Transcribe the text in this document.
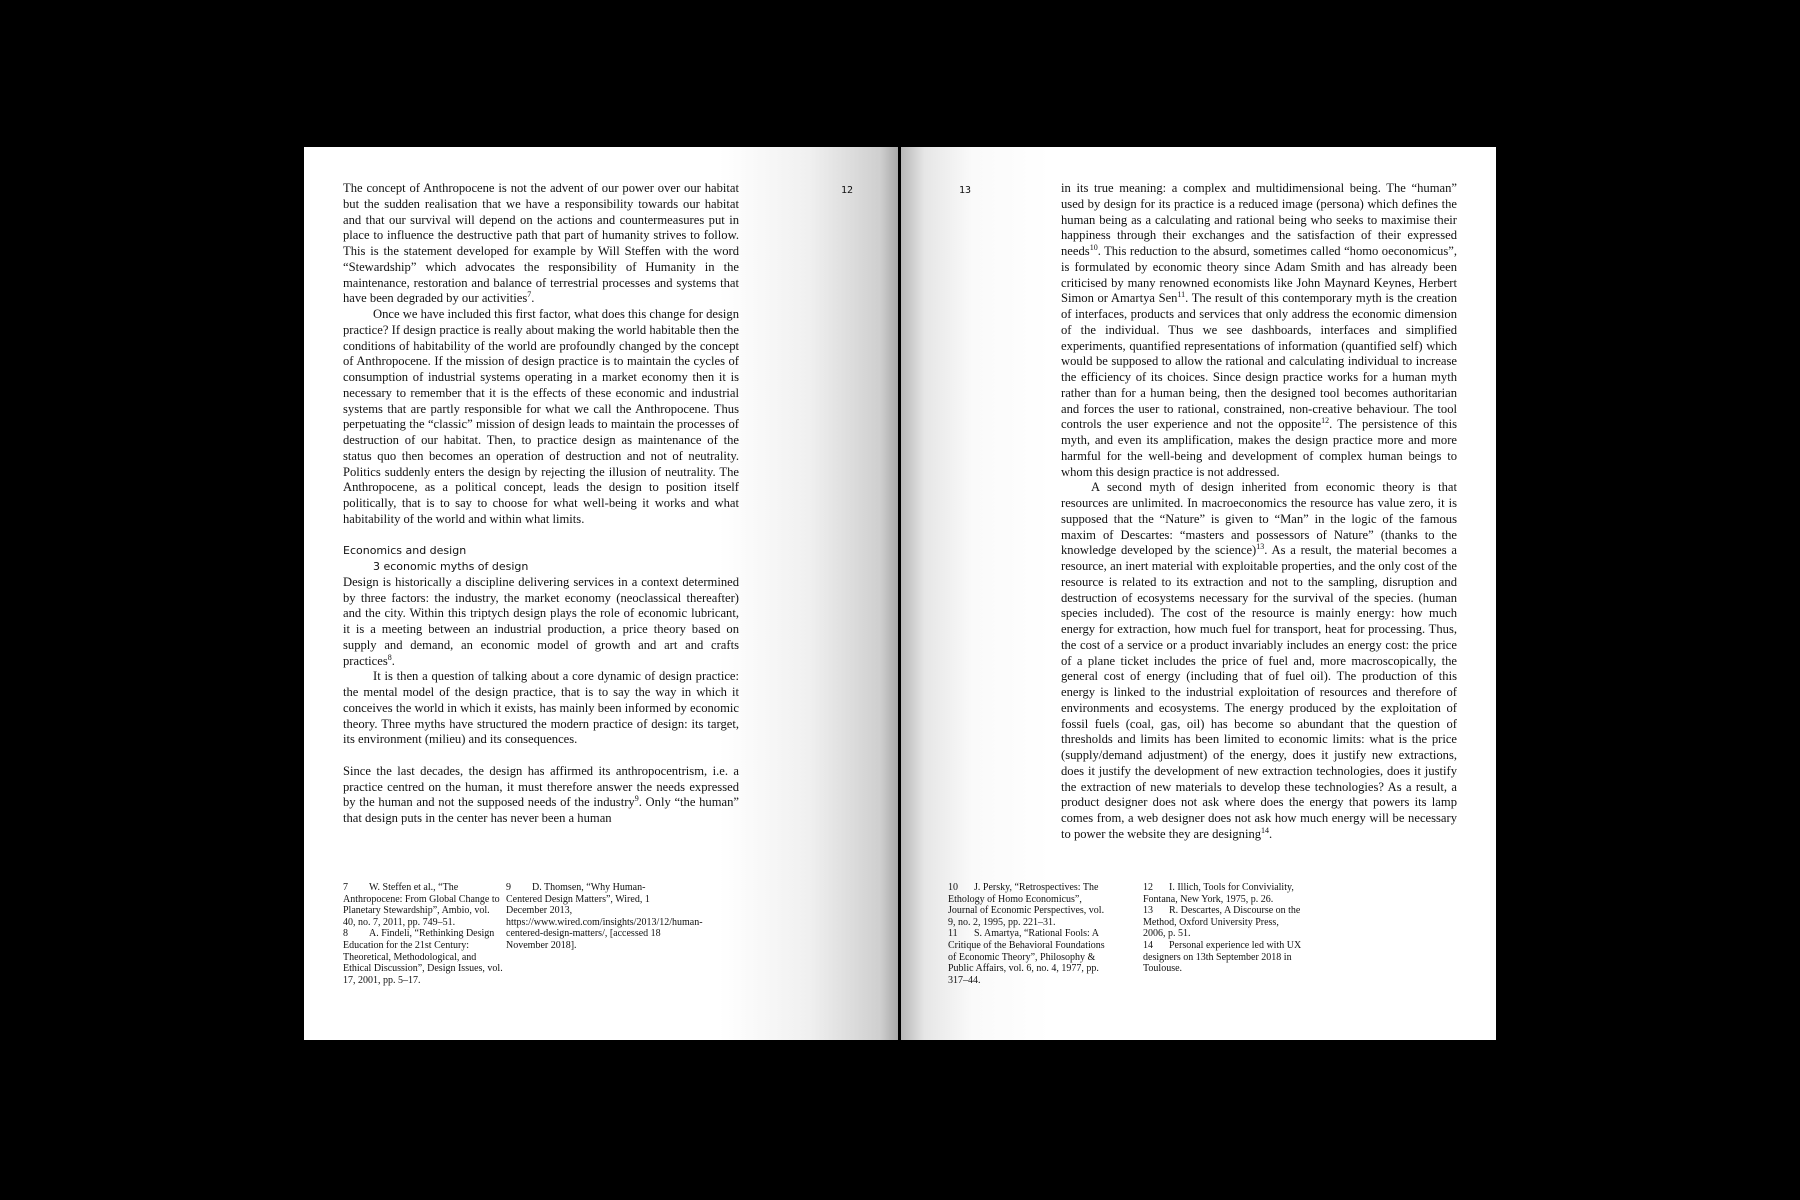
12

The concept of Anthropocene is not the advent of our power over our habitat but the sudden realisation that we have a responsibility towards our habitat and that our survival will depend on the actions and countermeasures put in place to influence the destructive path that part of humanity strives to follow. This is the statement developed for example by Will Steffen with the word “Stewardship” which advocates the responsibility of Humanity in the maintenance, restoration and balance of terrestrial processes and systems that have been degraded by our activities$^7$.

Once we have included this first factor, what does this change for design practice? If design practice is really about making the world habitable then the conditions of habitability of the world are profoundly changed by the concept of Anthropocene. If the mission of design practice is to maintain the cycles of consumption of industrial systems operating in a market economy then it is necessary to remember that it is the effects of these economic and industrial systems that are partly responsible for what we call the Anthropocene. Thus perpetuating the “classic” mission of design leads to maintain the processes of destruction of our habitat. Then, to practice design as maintenance of the status quo then becomes an operation of destruction and not of neutrality. Politics suddenly enters the design by rejecting the illusion of neutrality. The Anthropocene, as a political concept, leads the design to position itself politically, that is to say to choose for what well-being it works and what habitability of the world and within what limits.

Economics and design
3 economic myths of design

Design is historically a discipline delivering services in a context determined by three factors: the industry, the market economy (neoclassical thereafter) and the city. Within this triptych design plays the role of economic lubricant, it is a meeting between an industrial production, a price theory based on supply and demand, an economic model of growth and art and crafts practices$^8$.

It is then a question of talking about a core dynamic of design practice: the mental model of the design practice, that is to say the way in which it conceives the world in which it exists, has mainly been informed by economic theory. Three myths have structured the modern practice of design: its target, its environment (milieu) and its consequences.

Since the last decades, the design has affirmed its anthropocentrism, i.e. a practice centred on the human, it must therefore answer the needs expressed by the human and not the supposed needs of the industry$^9$. Only “the human” that design puts in the center has never been a human

7 W. Steffen et al., “The Anthropocene: From Global Change to Planetary Stewardship”, Ambio, vol. 40, no. 7, 2011, pp. 749–51.
8 A. Findeli, “Rethinking Design Education for the 21st Century: Theoretical, Methodological, and Ethical Discussion”, Design Issues, vol. 17, 2001, pp. 5–17.
9 D. Thomsen, “Why Human-Centered Design Matters”, Wired, 1 December 2013, https://www.wired.com/insights/2013/12/human-centered-design-matters/, [accessed 18 November 2018].
13	in its true meaning: a complex and multidimensional being. The “human” used by design for its practice is a reduced image (persona) which defines the human being as a calculating and rational being who seeks to maximise their happiness through their exchanges and the satisfaction of their expressed needs$^{10}$. This reduction to the absurd, sometimes called “homo oeconomicus”, is formulated by economic theory since Adam Smith and has already been criticised by many renowned economists like John Maynard Keynes, Herbert Simon or Amartya Sen$^{11}$. The result of this contemporary myth is the creation of interfaces, products and services that only address the economic dimension of the individual. Thus we see dashboards, interfaces and simplified experiments, quantified representations of information (quantified self) which would be supposed to allow the rational and calculating individual to increase the efficiency of its choices. Since design practice works for a human myth rather than for a human being, then the designed tool becomes authoritarian and forces the user to rational, constrained, non-creative behaviour. The tool controls the user experience and not the opposite$^{12}$. The persistence of this myth, and even its amplification, makes the design practice more and more harmful for the well-being and development of complex human beings to whom this design practice is not addressed.

A second myth of design inherited from economic theory is that resources are unlimited. In macroeconomics the resource has value zero, it is supposed that the “Nature” is given to “Man” in the logic of the famous maxim of Descartes: “masters and possessors of Nature” (thanks to the knowledge developed by the science)$^{13}$. As a result, the material becomes a resource, an inert material with exploitable properties, and the only cost of the resource is related to its extraction and not to the sampling, disruption and destruction of ecosystems necessary for the survival of the species. (human species included). The cost of the resource is mainly energy: how much energy for extraction, how much fuel for transport, heat for processing. Thus, the cost of a service or a product invariably includes an energy cost: the price of a plane ticket includes the price of fuel and, more macroscopically, the general cost of energy (including that of fuel oil). The production of this energy is linked to the industrial exploitation of resources and therefore of environments and ecosystems. The energy produced by the exploitation of fossil fuels (coal, gas, oil) has become so abundant that the question of thresholds and limits has been limited to economic limits: what is the price (supply/demand adjustment) of the energy, does it justify new extractions, does it justify the development of new extraction technologies, does it justify the extraction of new materials to develop these technologies? As a result, a product designer does not ask where does the energy that powers its lamp comes from, a web designer does not ask how much energy will be necessary to power the website they are designing$^{14}$.

10 J. Persky, “Retrospectives: The Ethology of Homo Economicus”, Journal of Economic Perspectives, vol. 9, no. 2, 1995, pp. 221–31.
11 S. Amartya, “Rational Fools: A Critique of the Behavioral Foundations of Economic Theory”, Philosophy & Public Affairs, vol. 6, no. 4, 1977, pp. 317–44.
12 I. Illich, Tools for Conviviality, Fontana, New York, 1975, p. 26.
13 R. Descartes, A Discourse on the Method, Oxford University Press, 2006, p. 51.
14 Personal experience led with UX designers on 13th September 2018 in Toulouse.
